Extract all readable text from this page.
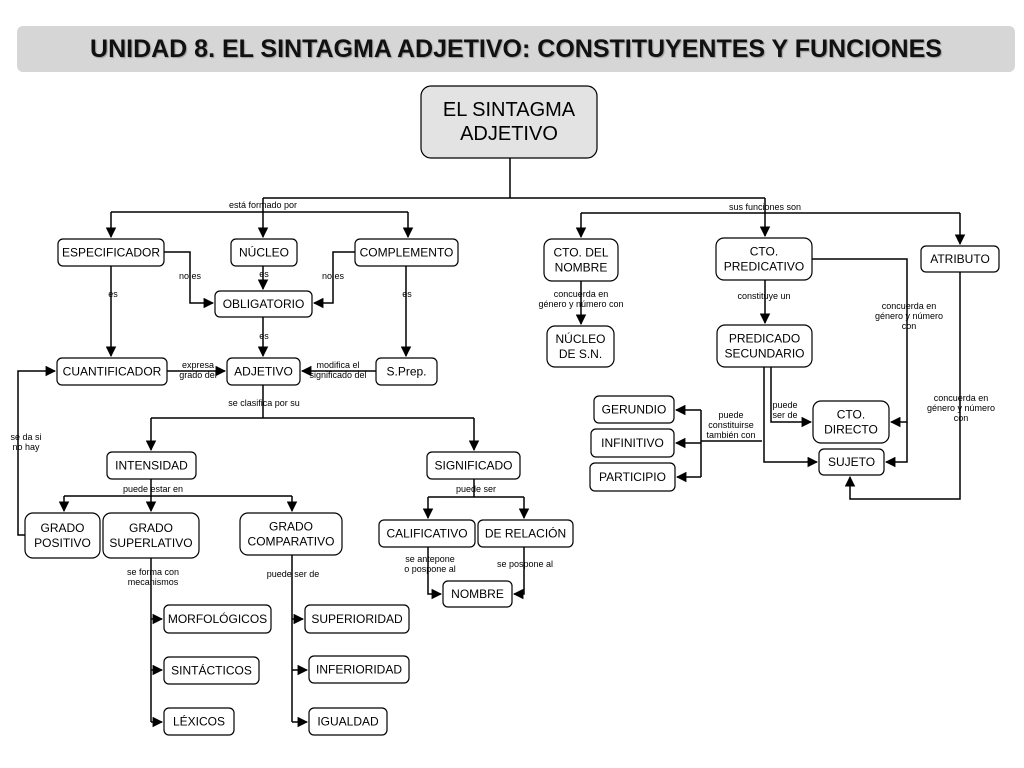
UNIDAD 8. EL SINTAGMA ADJETIVO: CONSTITUYENTES Y FUNCIONES
está formado por	sus funciones son
no es	es	no es
es	es
es
expresa grado del
modifica el significado del
se clasifica por su
se da si no hay
puede estar en	puede ser
se forma con mecanismos
puede ser de
se antepone o pospone al	se pospone al
concuerda en género y número con
constituye un
concuerda en género y número con
concuerda en género y número con
puede constituirse también con
puede ser de
EL SINTAGMA
ADJETIVO
ESPECIFICADOR	NÚCLEO	COMPLEMENTO
OBLIGATORIO
CUANTIFICADOR	ADJETIVO	S.Prep.
INTENSIDAD	SIGNIFICADO
GRADO
POSITIVO
GRADO
SUPERLATIVO
GRADO
COMPARATIVO
CALIFICATIVO DE RELACIÓN
NOMBRE
MORFOLÓGICOS
SINTÁCTICOS
LÉXICOS
SUPERIORIDAD
INFERIORIDAD
IGUALDAD
CTO. DEL
NOMBRE
CTO.
PREDICATIVO
ATRIBUTO
NÚCLEO
DE S.N.
PREDICADO
SECUNDARIO
GERUNDIO
INFINITIVO
PARTICIPIO
CTO.
DIRECTO
SUJETO
